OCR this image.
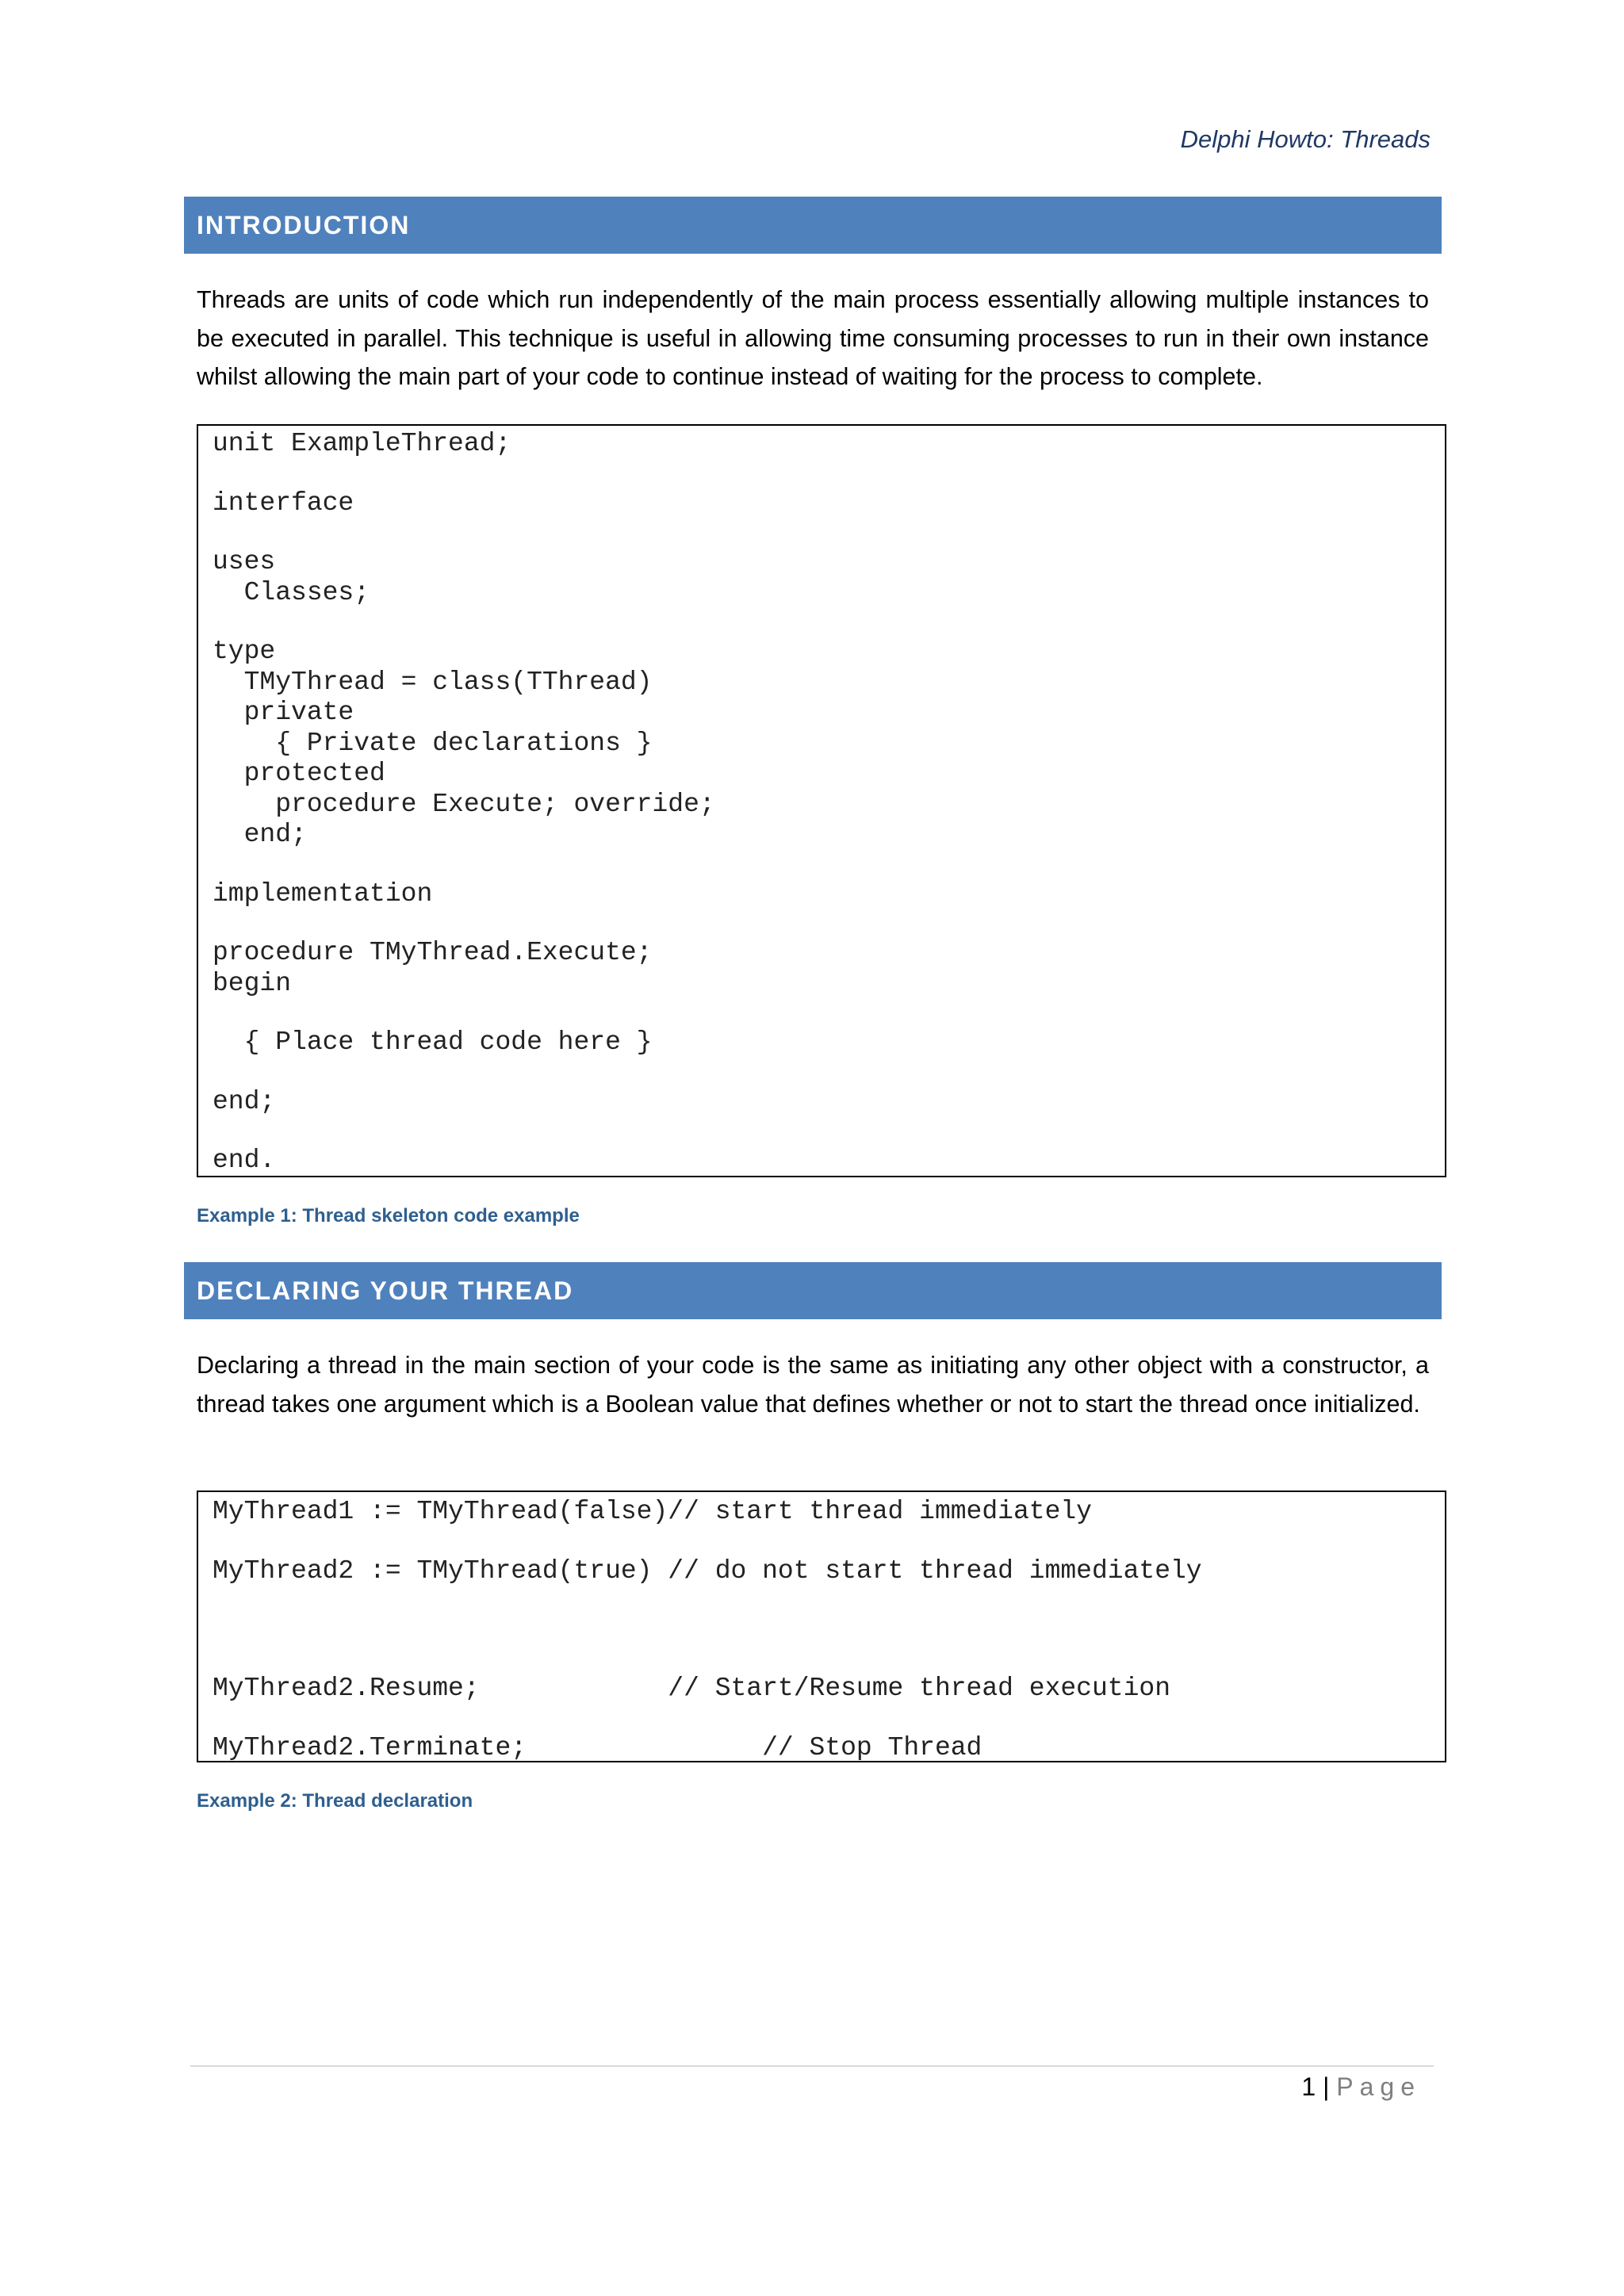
Delphi Howto: Threads
INTRODUCTION

Threads are units of code which run independently of the main process essentially allowing multiple instances to be executed in parallel. This technique is useful in allowing time consuming processes to run in their own instance whilst allowing the main part of your code to continue instead of waiting for the process to complete.

unit ExampleThread;
interface
uses
Classes;
type
TMyThread = class(TThread)
private
{ Private declarations }
protected
procedure Execute; override;
end;
implementation
procedure TMyThread.Execute;
begin
{ Place thread code here }
end;
end.
Example 1: Thread skeleton code example
DECLARING YOUR THREAD

Declaring a thread in the main section of your code is the same as initiating any other object with a constructor, a thread takes one argument which is a Boolean value that defines whether or not to start the thread once initialized.

MyThread1 := TMyThread(false)// start thread immediately
MyThread2 := TMyThread(true) // do not start thread immediately
MyThread2.Resume;            // Start/Resume thread execution
MyThread2.Terminate;               // Stop Thread
Example 2: Thread declaration
1 | Page
